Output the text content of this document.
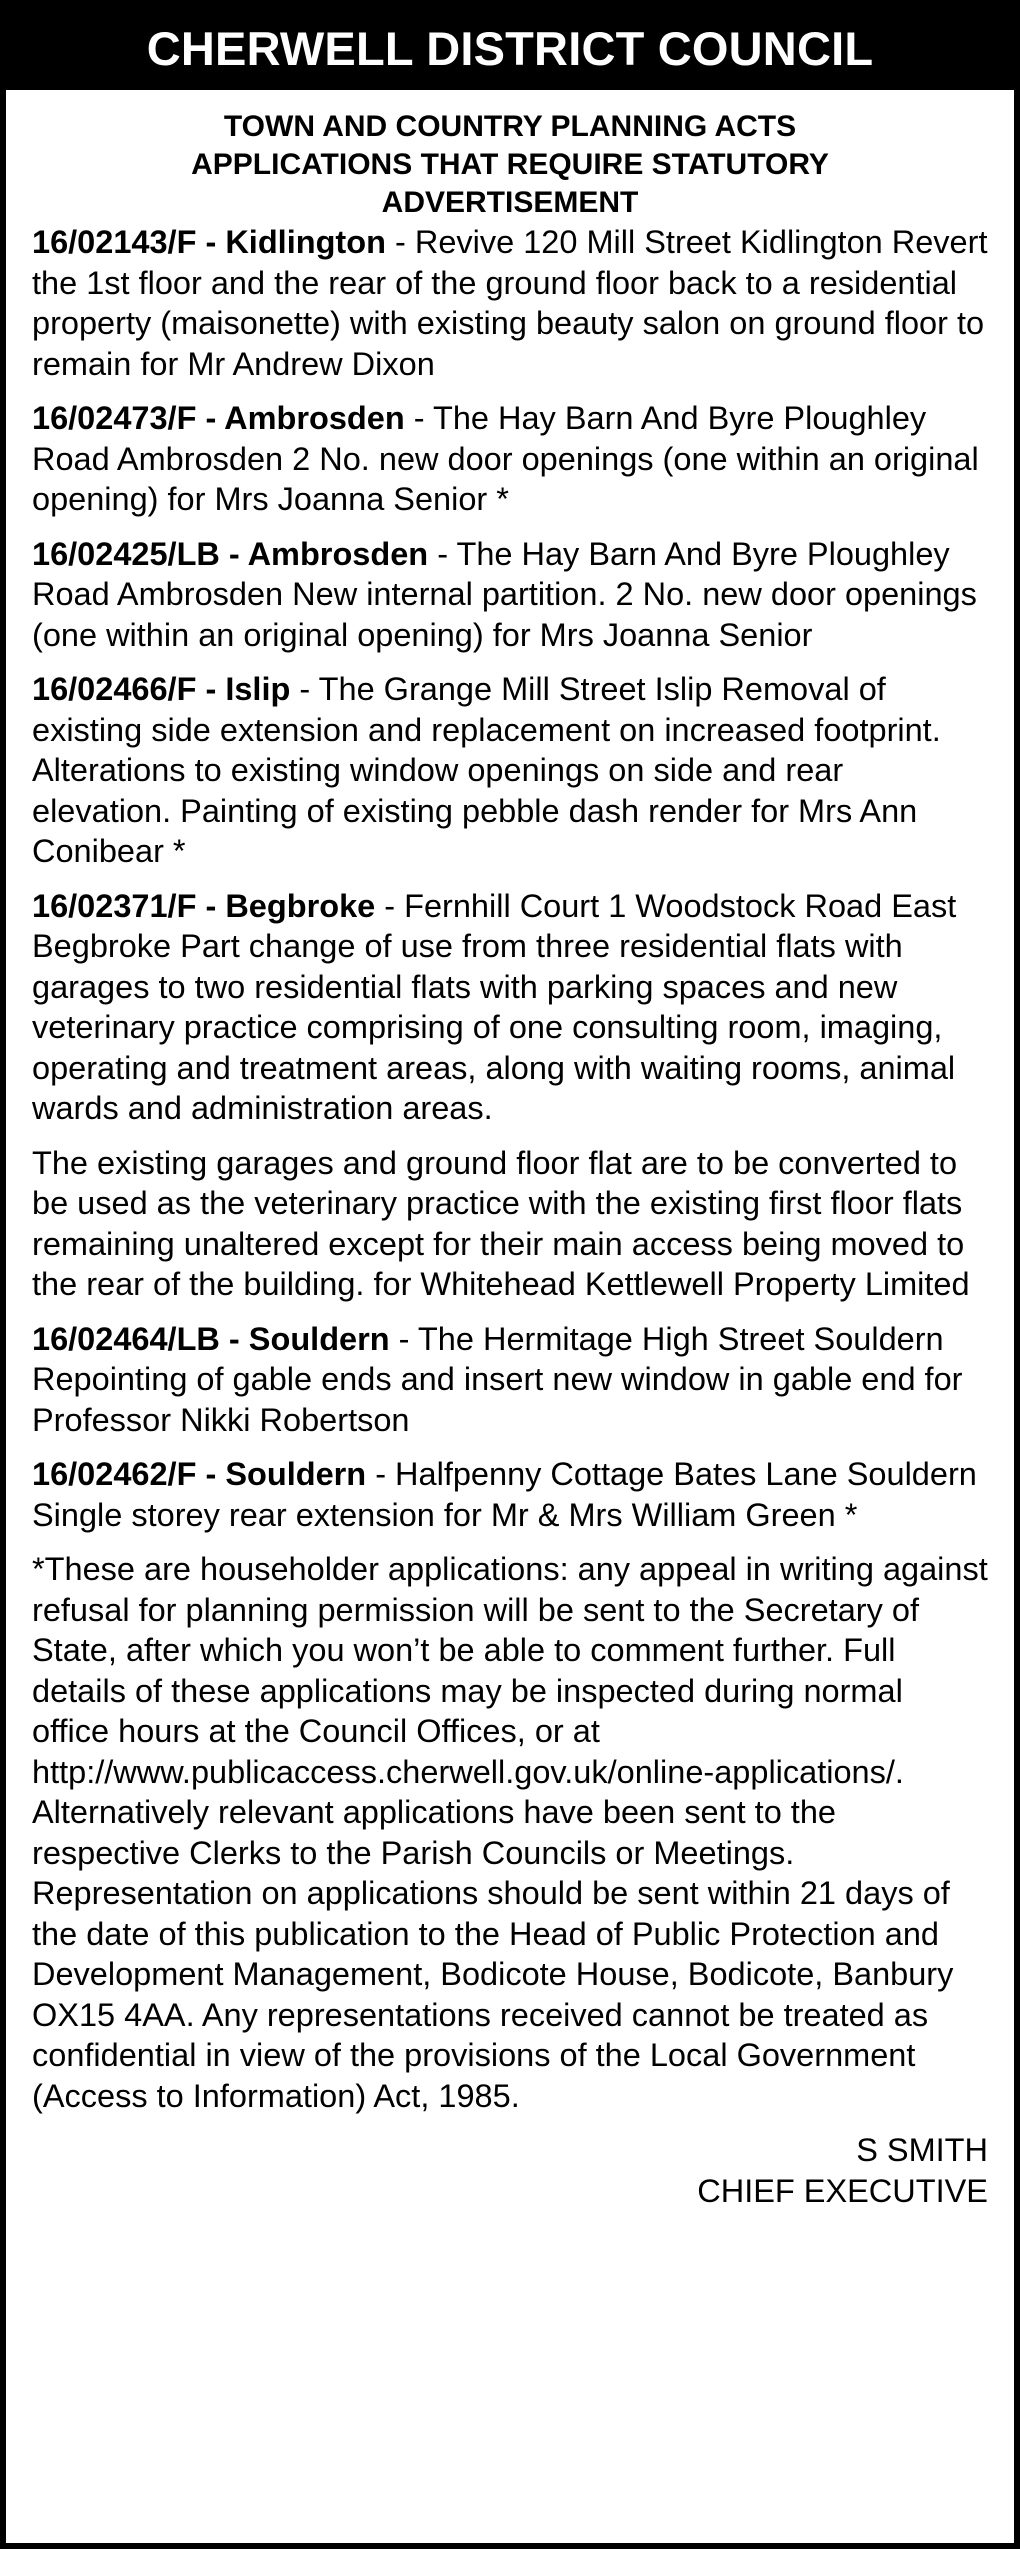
CHERWELL DISTRICT COUNCIL
TOWN AND COUNTRY PLANNING ACTS
APPLICATIONS THAT REQUIRE STATUTORY
ADVERTISEMENT

16/02143/F - Kidlington - Revive 120 Mill Street Kidlington Revert the 1st floor and the rear of the ground floor back to a residential property (maisonette) with existing beauty salon on ground floor to remain for Mr Andrew Dixon

16/02473/F - Ambrosden - The Hay Barn And Byre Ploughley Road Ambrosden 2 No. new door openings (one within an original opening) for Mrs Joanna Senior *

16/02425/LB - Ambrosden - The Hay Barn And Byre Ploughley Road Ambrosden New internal partition. 2 No. new door openings (one within an original opening) for Mrs Joanna Senior

16/02466/F - Islip - The Grange Mill Street Islip Removal of existing side extension and replacement on increased footprint. Alterations to existing window openings on side and rear elevation. Painting of existing pebble dash render for Mrs Ann Conibear *

16/02371/F - Begbroke - Fernhill Court 1 Woodstock Road East Begbroke Part change of use from three residential flats with garages to two residential flats with parking spaces and new veterinary practice comprising of one consulting room, imaging, operating and treatment areas, along with waiting rooms, animal wards and administration areas.

The existing garages and ground floor flat are to be converted to be used as the veterinary practice with the existing first floor flats remaining unaltered except for their main access being moved to the rear of the building. for Whitehead Kettlewell Property Limited

16/02464/LB - Souldern - The Hermitage High Street Souldern Repointing of gable ends and insert new window in gable end for Professor Nikki Robertson

16/02462/F - Souldern - Halfpenny Cottage Bates Lane Souldern Single storey rear extension for Mr & Mrs William Green *

*These are householder applications: any appeal in writing against refusal for planning permission will be sent to the Secretary of State, after which you won’t be able to comment further. Full details of these applications may be inspected during normal office hours at the Council Offices, or at http://www.publicaccess.cherwell.gov.uk/online-applications/. Alternatively relevant applications have been sent to the respective Clerks to the Parish Councils or Meetings. Representation on applications should be sent within 21 days of the date of this publication to the Head of Public Protection and Development Management, Bodicote House, Bodicote, Banbury OX15 4AA. Any representations received cannot be treated as confidential in view of the provisions of the Local Government (Access to Information) Act, 1985.

S SMITH
CHIEF EXECUTIVE
